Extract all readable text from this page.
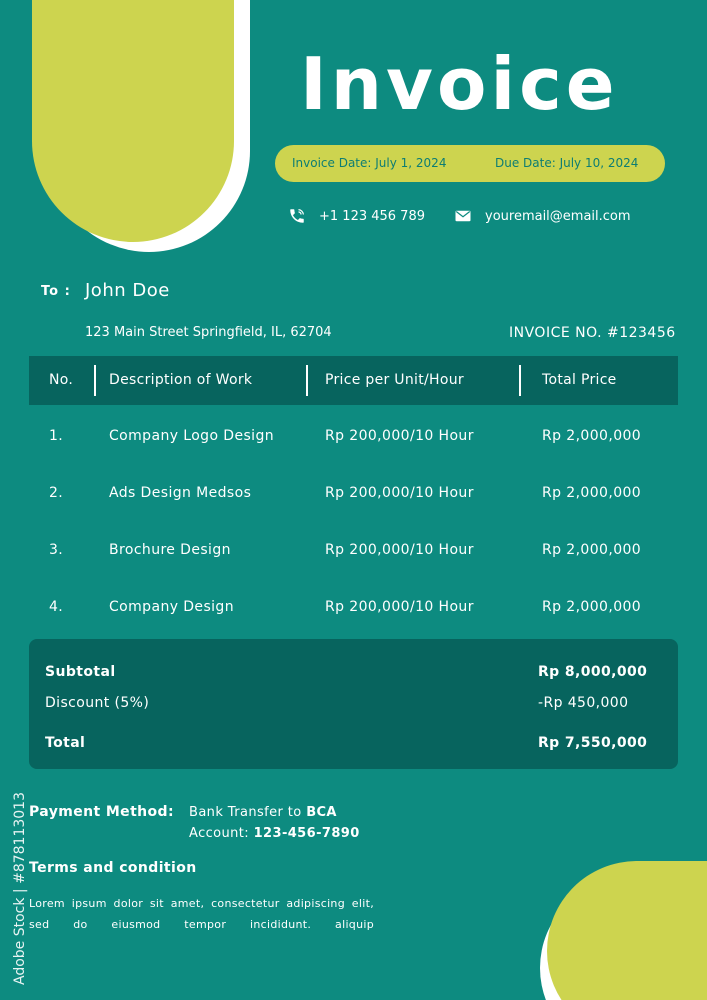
Invoice
Invoice Date: July 1, 2024	Due Date: July 10, 2024
+1 123 456 789	youremail@email.com
To : John Doe
123 Main Street Springfield, IL, 62704	INVOICE NO. #123456
No.	Description of Work	Price per Unit/Hour	Total Price
1.	Company Logo Design	Rp 200,000/10 Hour	Rp 2,000,000
2.	Ads Design Medsos	Rp 200,000/10 Hour	Rp 2,000,000
3.	Brochure Design	Rp 200,000/10 Hour	Rp 2,000,000
4.	Company Design	Rp 200,000/10 Hour	Rp 2,000,000
Subtotal	Rp 8,000,000
Discount (5%)	-Rp 450,000
Total	Rp 7,550,000
Payment Method: Bank Transfer to BCA
Account: 123-456-7890
Terms and condition
Lorem ipsum dolor sit amet, consectetur adipiscing elit, sed do eiusmod tempor incididunt. aliquip
Adobe Stock | #878113013
